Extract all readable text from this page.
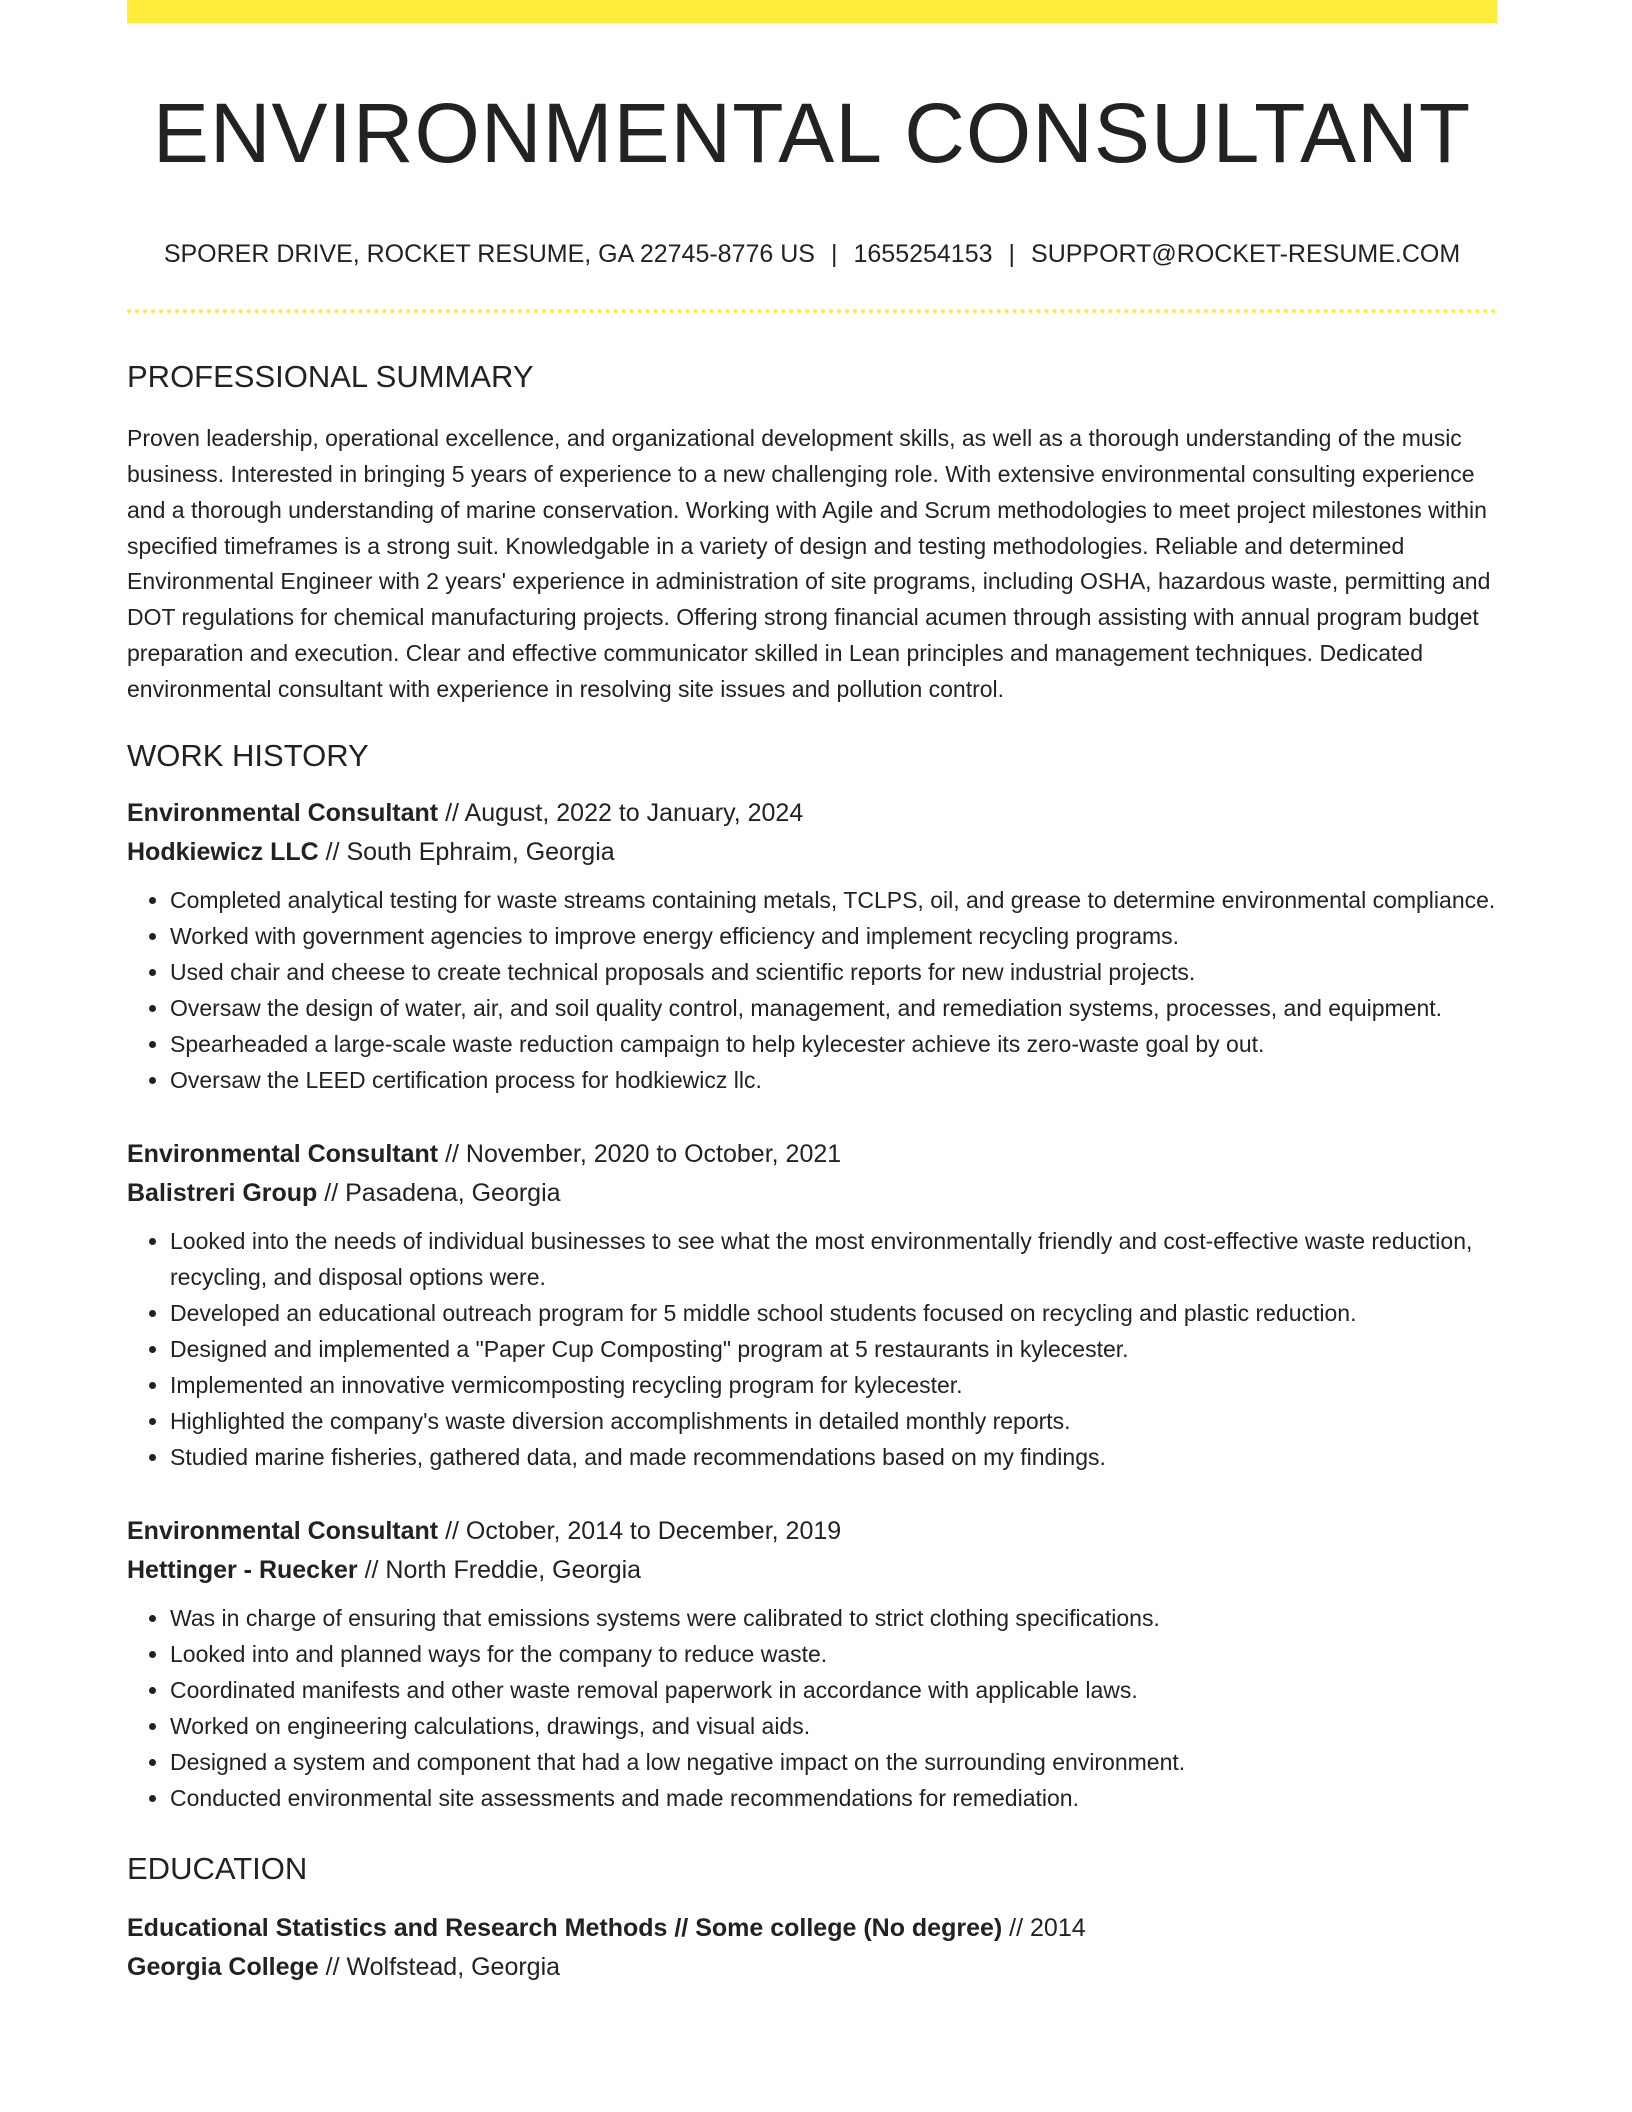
ENVIRONMENTAL CONSULTANT
SPORER DRIVE, ROCKET RESUME, GA 22745-8776 US | 1655254153 | SUPPORT@ROCKET-RESUME.COM
PROFESSIONAL SUMMARY

Proven leadership, operational excellence, and organizational development skills, as well as a thorough understanding of the music business. Interested in bringing 5 years of experience to a new challenging role. With extensive environmental consulting experience and a thorough understanding of marine conservation. Working with Agile and Scrum methodologies to meet project milestones within specified timeframes is a strong suit. Knowledgable in a variety of design and testing methodologies. Reliable and determined Environmental Engineer with 2 years' experience in administration of site programs, including OSHA, hazardous waste, permitting and DOT regulations for chemical manufacturing projects. Offering strong financial acumen through assisting with annual program budget preparation and execution. Clear and effective communicator skilled in Lean principles and management techniques. Dedicated environmental consultant with experience in resolving site issues and pollution control.

WORK HISTORY
Environmental Consultant // August, 2022 to January, 2024
Hodkiewicz LLC // South Ephraim, Georgia
• Completed analytical testing for waste streams containing metals, TCLPS, oil, and grease to determine environmental compliance.
• Worked with government agencies to improve energy efficiency and implement recycling programs.
• Used chair and cheese to create technical proposals and scientific reports for new industrial projects.
• Oversaw the design of water, air, and soil quality control, management, and remediation systems, processes, and equipment.
• Spearheaded a large-scale waste reduction campaign to help kylecester achieve its zero-waste goal by out.
• Oversaw the LEED certification process for hodkiewicz llc.
Environmental Consultant // November, 2020 to October, 2021
Balistreri Group // Pasadena, Georgia
• Looked into the needs of individual businesses to see what the most environmentally friendly and cost-effective waste reduction, recycling, and disposal options were.
• Developed an educational outreach program for 5 middle school students focused on recycling and plastic reduction.
• Designed and implemented a "Paper Cup Composting" program at 5 restaurants in kylecester.
• Implemented an innovative vermicomposting recycling program for kylecester.
• Highlighted the company's waste diversion accomplishments in detailed monthly reports.
• Studied marine fisheries, gathered data, and made recommendations based on my findings.
Environmental Consultant // October, 2014 to December, 2019
Hettinger - Ruecker // North Freddie, Georgia
• Was in charge of ensuring that emissions systems were calibrated to strict clothing specifications.
• Looked into and planned ways for the company to reduce waste.
• Coordinated manifests and other waste removal paperwork in accordance with applicable laws.
• Worked on engineering calculations, drawings, and visual aids.
• Designed a system and component that had a low negative impact on the surrounding environment.
• Conducted environmental site assessments and made recommendations for remediation.
EDUCATION
Educational Statistics and Research Methods // Some college (No degree) // 2014
Georgia College // Wolfstead, Georgia
